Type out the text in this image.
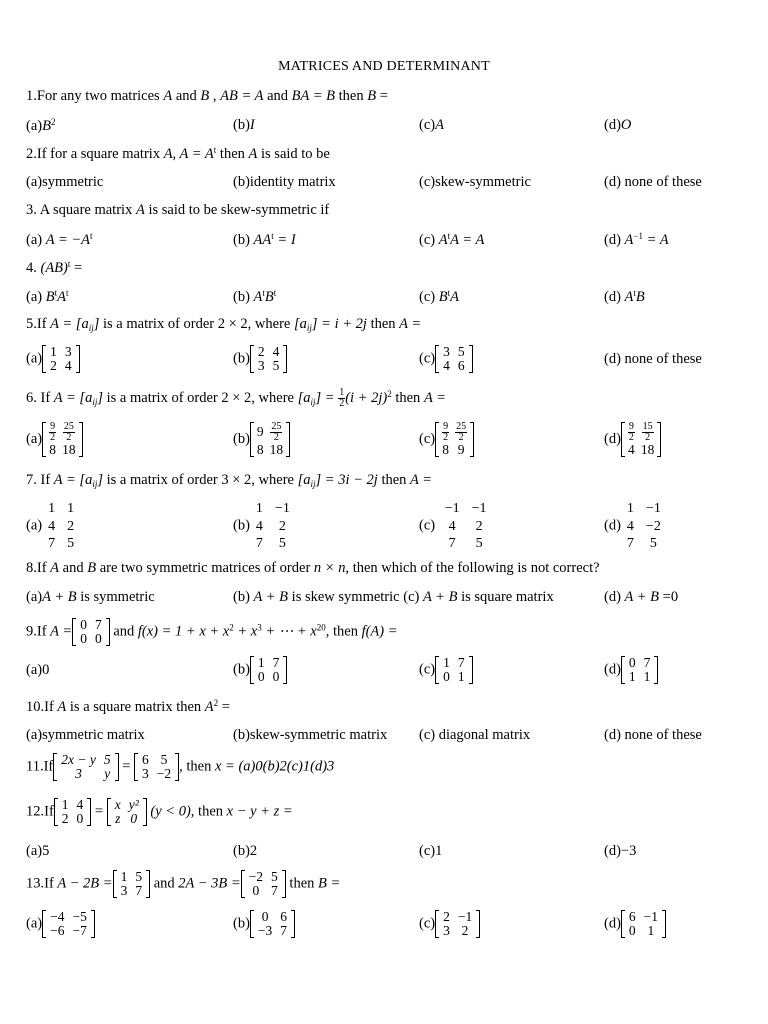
MATRICES AND DETERMINANT
1.For any two matrices A and B , AB = A and BA = B then B =
$(a)B^2$	(b)I	(c)A	(d)O
2.If for a square matrix A, $A = A^t$ then A is said to be
(a)symmetric	(b)identity matrix	(c)skew-symmetric	(d) none of these
3. A square matrix A is said to be skew-symmetric if
(a) $A = -A^t$	(b) $AA^t = I$	(c) $A^tA = A$	(d) $A^{-1} = A$
4. (AB)$^t$ =
(a) $B^tA^t$	(b) $A^tB^t$	(c) $B^tA$	(d) $A^tB$
5.If $A = [a_{ij}]$ is a matrix of order 2 × 2, where $[a_{ij}] = i + 2j$ then A =
(a) 1	3
2	4	(b) 2	4
3	5	(c) 3	5
4	6	(d) none of these
6. If $A = [a_{ij}]$ is a matrix of order 2 × 2, where $[a_{ij}] = \frac{1}{2} (i + 2j)^2$ then A =
$(a) \frac{9}{2}$	$\frac{25}{2}$

8	18
(b) 9	$\frac{25}{2}$

8	18
$(c) \frac{9}{2}$	$\frac{25}{2}$

8	9
$(d) \frac{9}{2}$	$\frac{15}{2}$

4	18
7. If $A = [a_{ij}]$ is a matrix of order 3 × 2, where $[a_{ij}] = 3i - 2j$ then A =
(a)
1	1
4	2
7	5
(b)
1	−1
4	2
7	5
(c)
−1	−1
4	2
7	5
(d)
1	−1
4	−2
7	5
8.If A and B are two symmetric matrices of order n × n, then which of the following is not correct?
(a)A + B is symmetric	(b) A + B is skew symmetric (c) A + B is square matrix	(d) A + B =0
9.If A = 0	7
0	0 and $f(x) = 1 + x + x^2 + x^3$ + ⋯ + $x^{20}$, then f(A) =
(a)0	(b) 1	7
0	0	(c) 1	7
0	1	(d) 0	7
1	1
10.If A is a square matrix then $A^2$ =
(a)symmetric matrix	(b)skew-symmetric matrix (c) diagonal matrix	(d) none of these
11.If 2x − y	5
3	y = 6	5
3	−2 , then x = (a)0(b)2(c)1(d)3
12.If 1	4
2	0 = x	y²
z	0 (y < 0), then x − y + z =
(a)5	(b)2	(c)1	(d)−3
13.If A − 2B = 1	5
3	7 and 2A − 3B = −2	5
0	7 then B =
(a) −4	−5
−6	−7	(b) 0	6
−3	7	(c) 2	−1
3	2	(d) 6	−1
0	1
